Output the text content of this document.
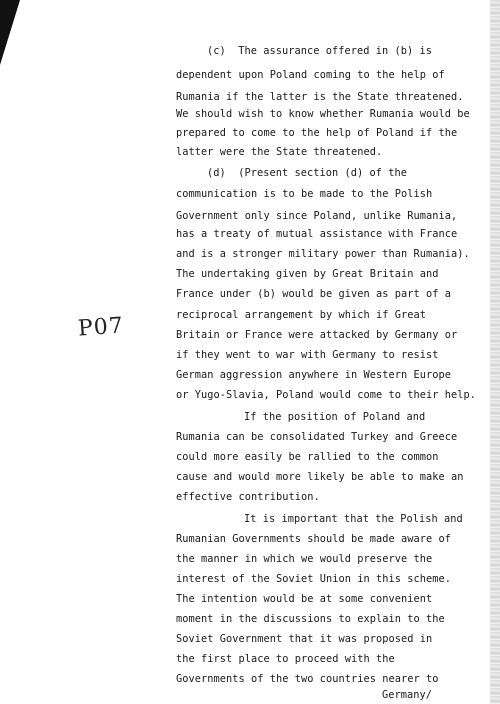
P07
(c)  The assurance offered in (b) is
dependent upon Poland coming to the help of
Rumania if the latter is the State threatened.
We should wish to know whether Rumania would be
prepared to come to the help of Poland if the
latter were the State threatened.
(d)  (Present section (d) of the
communication is to be made to the Polish
Government only since Poland, unlike Rumania,
has a treaty of mutual assistance with France
and is a stronger military power than Rumania).
The undertaking given by Great Britain and
France under (b) would be given as part of a
reciprocal arrangement by which if Great
Britain or France were attacked by Germany or
if they went to war with Germany to resist
German aggression anywhere in Western Europe
or Yugo-Slavia, Poland would come to their help.
If the position of Poland and
Rumania can be consolidated Turkey and Greece
could more easily be rallied to the common
cause and would more likely be able to make an
effective contribution.
It is important that the Polish and
Rumanian Governments should be made aware of
the manner in which we would preserve the
interest of the Soviet Union in this scheme.
The intention would be at some convenient
moment in the discussions to explain to the
Soviet Government that it was proposed in
the first place to proceed with the
Governments of the two countries nearer to
Germany/
